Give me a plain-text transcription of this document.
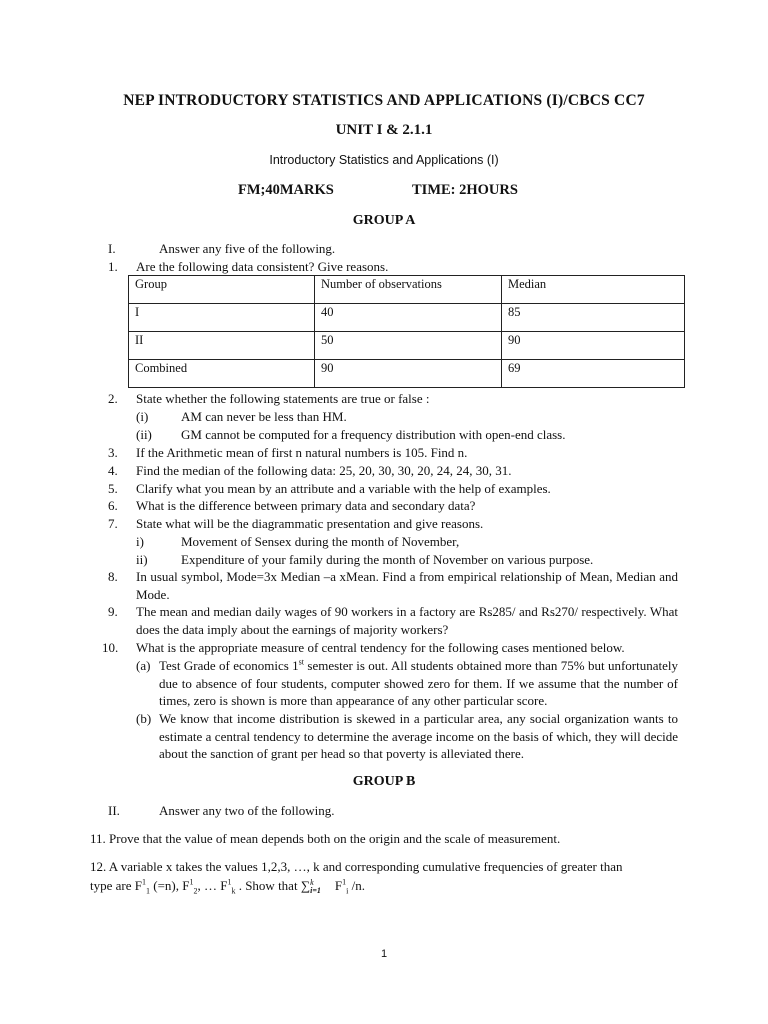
NEP INTRODUCTORY STATISTICS AND APPLICATIONS (I)/CBCS CC7
UNIT I & 2.1.1
Introductory Statistics and Applications (I)
FM;40MARKS	TIME: 2HOURS
GROUP A
I.	Answer any five of the following.
1. Are the following data consistent? Give reasons.
Group	Number of observations	Median
I	40	85
II	50	90
Combined	90	69
2. State whether the following statements are true or false :
(i)	AM can never be less than HM.
(ii) GM cannot be computed for a frequency distribution with open-end class.
3. If the Arithmetic mean of first n natural numbers is 105. Find n.
4. Find the median of the following data: 25, 20, 30, 30, 20, 24, 24, 30, 31.
5. Clarify what you mean by an attribute and a variable with the help of examples.
6. What is the difference between primary data and secondary data?
7. State what will be the diagrammatic presentation and give reasons.
i)	Movement of Sensex during the month of November,
ii)	Expenditure of your family during the month of November on various purpose.
8. In usual symbol, Mode=3x Median –a xMean. Find a from empirical relationship of Mean, Median and Mode.
9. The mean and median daily wages of 90 workers in a factory are Rs285/ and Rs270/ respectively. What does the data imply about the earnings of majority workers?
10. What is the appropriate measure of central tendency for the following cases mentioned below.
(a) Test Grade of economics 1st semester is out. All students obtained more than 75% but unfortunately due to absence of four students, computer showed zero for them. If we assume that the number of times, zero is shown is more than appearance of any other particular score.
(b) We know that income distribution is skewed in a particular area, any social organization wants to estimate a central tendency to determine the average income on the basis of which, they will decide about the sanction of grant per head so that poverty is alleviated there.
GROUP B
II.	Answer any two of the following.
11. Prove that the value of mean depends both on the origin and the scale of measurement.
12. A variable x takes the values 1,2,3, …, k and corresponding cumulative frequencies of greater than
type are $F^1_1$ (=n), $F^1_2$, … $F^1_k$ . Show that ∑ k
i=1 $F^1_i$ /n.
1
